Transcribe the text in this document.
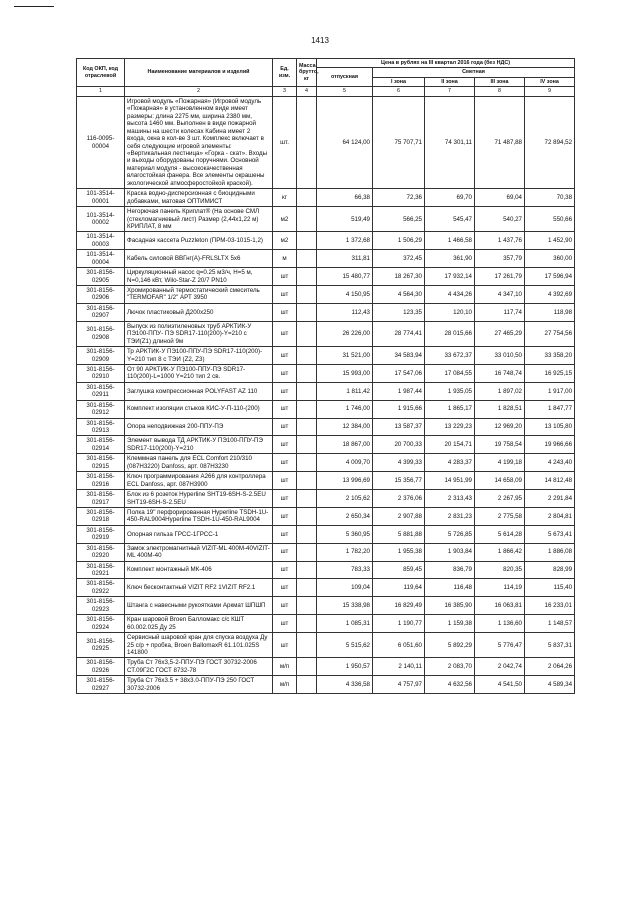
1413
Код ОКП, код отраслевой	Наименование материалов и изделий	Ед. изм.	Масса брутто, кг	Цена в рублях на III квартал 2016 года (без НДС)				
				отпускная	Сметная			
					I зона	II зона	III зона	IV зона
1	2	3	4	5	6	7	8	9
116-0095-00004	Игровой модуль «Пожарная» (Игровой модуль «Пожарная» в установленном виде имеет размеры: длина 2275 мм, ширина 2380 мм, высота 1460 мм. Выполнен в виде пожарной машины на шести колесах Кабина имеет 2 входа, окна в кол-ве 3 шт. Комплекс включает в себя следующие игровой элементы: «Вертикальная лестница» «Горка - скат». Входы и выходы оборудованы поручнями. Основной материал модуля - высококачественная влагостойкая фанера. Все элементы окрашены экологической атмосферостойкой краской).	шт.		64 124,00	75 707,71	74 301,11	71 487,88	72 894,52
101-3514-00001	Краска водно-дисперсионная с биоцидными добавками, матовая ОПТИМИСТ	кг		66,38	72,36	69,70	69,04	70,38
101-3514-00002	Негорючая панель Криплат® (На основе СМЛ (стекломагниевый лист) Размер (2,44х1,22 м) КРИПЛАТ, 8 мм	м2		519,49	566,25	545,47	540,27	550,66
101-3514-00003	Фасадная кассета Puzzleton (ПРМ-03-1015-1,2)	м2		1 372,68	1 506,29	1 466,58	1 437,76	1 452,90
101-3514-00004	Кабель силовой ВВГнг(А)-FRLSLTX 5х6	м		311,81	372,45	361,90	357,79	360,00
301-8156-02905	Циркуляционный насос q=0.25 м3/ч, Н=5 м, N=0,146 кВт, Wilo-Star-Z 20/7 PN10	шт		15 480,77	18 267,30	17 932,14	17 261,79	17 596,94
301-8156-02906	Хромированный термостатический смеситель "TERMOFAR" 1/2" АРТ 3950	шт		4 150,95	4 564,30	4 434,26	4 347,10	4 392,69
301-8156-02907	Лючок пластиковый Д200х250	шт		112,43	123,35	120,10	117,74	118,98
301-8156-02908	Выпуск из полиэтиленовых труб АРКТИК-У ПЭ100-ППУ- ПЭ SDR17-110(200)-Y=210 с ТЭИ(Z1) длиной 9м	шт		26 226,00	28 774,41	28 015,66	27 465,29	27 754,56
301-8156-02909	Тр АРКТИК-У ПЭ100-ППУ-ПЭ SDR17-110(200)-Y=210 тип 8 с ТЭИ (Z2, Z3)	шт		31 521,00	34 583,94	33 672,37	33 010,50	33 358,20
301-8156-02910	От 90 АРКТИК-У ПЭ100-ППУ-ПЭ SDR17-110(200)-L=1000 Y=210 тип 2 св.	шт		15 993,00	17 547,06	17 084,55	16 748,74	16 925,15
301-8156-02911	Заглушка компрессионная POLYFAST AZ 110	шт		1 811,42	1 987,44	1 935,05	1 897,02	1 917,00
301-8156-02912	Комплект изоляции стыков КИС-У-П-110-(200)	шт		1 746,00	1 915,66	1 865,17	1 828,51	1 847,77
301-8156-02913	Опора неподвижная 200-ППУ-ПЭ	шт		12 384,00	13 587,37	13 229,23	12 969,20	13 105,80
301-8156-02914	Элемент вывода ТД АРКТИК-У ПЭ100-ППУ-ПЭ SDR17-110(200)-Y=210	шт		18 867,00	20 700,33	20 154,71	19 758,54	19 966,66
301-8156-02915	Клеммная панель для ECL Comfort 210/310 (087H3220) Danfoss, арт. 087H3230	шт		4 009,70	4 399,33	4 283,37	4 199,18	4 243,40
301-8156-02916	Ключ программирования А266 для контроллера ECL Danfoss, арт. 087H3900	шт		13 996,69	15 356,77	14 951,99	14 658,09	14 812,48
301-8156-02917	Блок из 6 розеток Hyperline SHT19-6SH-S-2.5EU SHT19-6SH-S-2.5EU	шт		2 105,62	2 376,06	2 313,43	2 267,95	2 291,84
301-8156-02918	Полка 19" перфорированная Hyperline TSDH-1U-450-RAL9004Hyperline TSDH-1U-450-RAL9004	шт		2 650,34	2 907,88	2 831,23	2 775,58	2 804,81
301-8156-02919	Опорная гильза ГРСС-1ГРСС-1	шт		5 360,95	5 881,88	5 726,85	5 614,28	5 673,41
301-8156-02920	Замок электромагнитный VIZIT-ML 400M-40VIZIT-ML 400M-40	шт		1 782,20	1 955,38	1 903,84	1 866,42	1 886,08
301-8156-02921	Комплект монтажный МК-406	шт		783,33	859,45	836,79	820,35	828,99
301-8156-02922	Ключ бесконтактный VIZIT RF2 1VIZIT RF2.1	шт		109,04	119,64	116,48	114,19	115,40
301-8156-02923	Штанга с навесными рукоятками Аркмат ШПШП	шт		15 338,98	16 829,49	16 385,90	16 063,81	16 233,01
301-8156-02924	Кран шаровой Broen Балломакс с/с КШТ 60.002.025 Ду 25	шт		1 085,31	1 190,77	1 159,38	1 136,60	1 148,57
301-8156-02925	Сервисный шаровой кран для спуска воздуха Ду 25 с/р + пробка, Broen BallomaxR 61.101.025S 141800	шт		5 515,62	6 051,60	5 892,29	5 776,47	5 837,31
301-8156-02926	Труба Ст 76х3,5-2-ППУ-ПЭ ГОСТ 30732-2006 СТ.09Г2С ГОСТ 8732-78	м/п		1 950,57	2 140,11	2 083,70	2 042,74	2 064,26
301-8156-02927	Труба Ст 76х3.5 + 38х3.0-ППУ-ПЭ 250 ГОСТ 30732-2006	м/п		4 336,58	4 757,97	4 632,56	4 541,50	4 589,34
